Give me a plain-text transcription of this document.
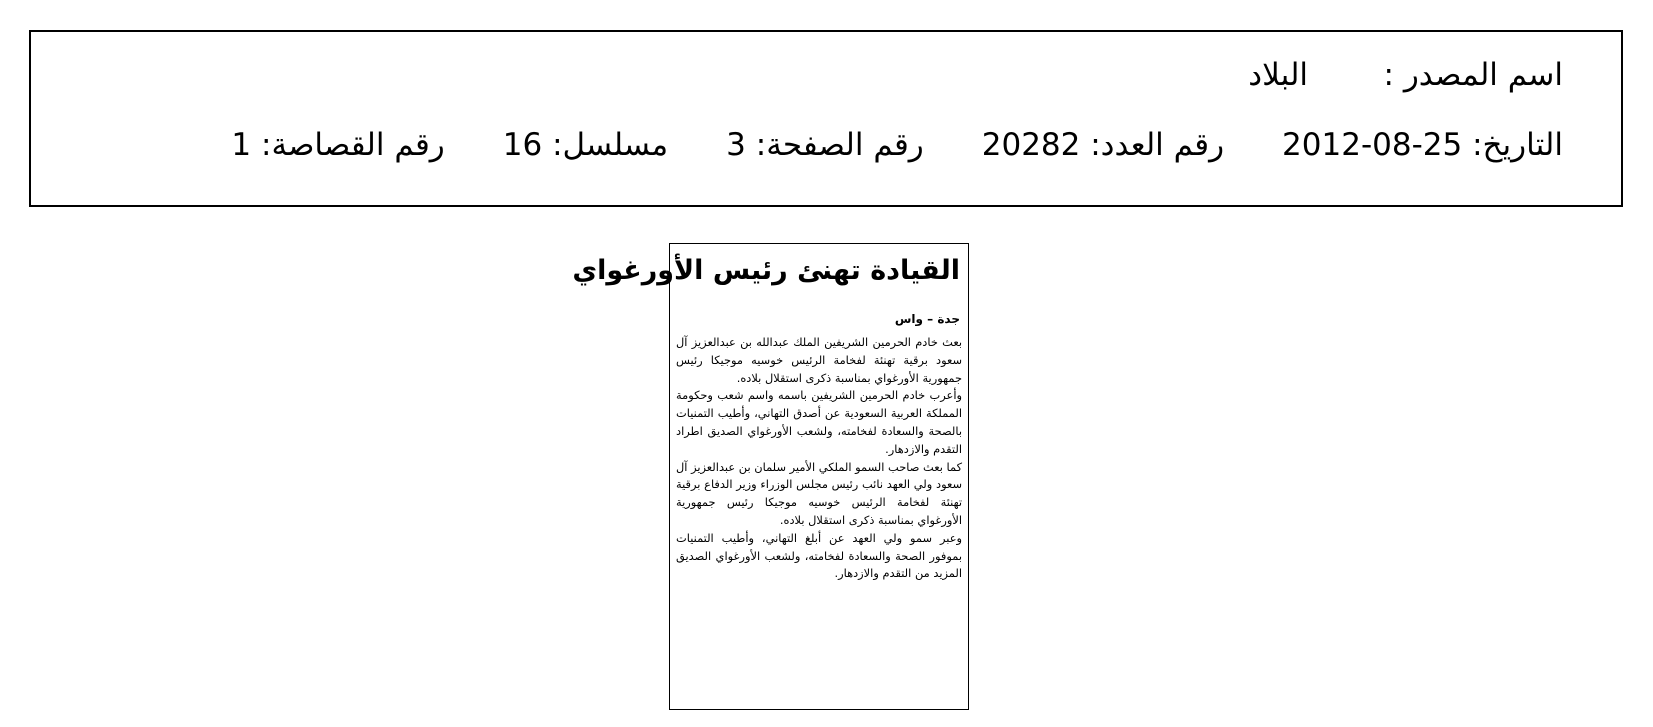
اسم المصدر :البلاد
التاريخ: 2012-08-25رقم العدد: 20282رقم الصفحة: 3مسلسل: 16رقم القصاصة: 1
القيادة تهنئ رئيس الأورغواي
جدة – واس

بعث خادم الحرمين الشريفين الملك عبدالله بن عبدالعزيز آل سعود برقية تهنئة لفخامة الرئيس خوسيه موجيكا رئيس جمهورية الأورغواي بمناسبة ذكرى استقلال بلاده.

وأعرب خادم الحرمين الشريفين باسمه واسم شعب وحكومة المملكة العربية السعودية عن أصدق التهاني، وأطيب التمنيات بالصحة والسعادة لفخامته، ولشعب الأورغواي الصديق اطراد التقدم والازدهار.

كما بعث صاحب السمو الملكي الأمير سلمان بن عبدالعزيز آل سعود ولي العهد نائب رئيس مجلس الوزراء وزير الدفاع برقية تهنئة لفخامة الرئيس خوسيه موجيكا رئيس جمهورية الأورغواي بمناسبة ذكرى استقلال بلاده.

وعبر سمو ولي العهد عن أبلغ التهاني، وأطيب التمنيات بموفور الصحة والسعادة لفخامته، ولشعب الأورغواي الصديق المزيد من التقدم والازدهار.
